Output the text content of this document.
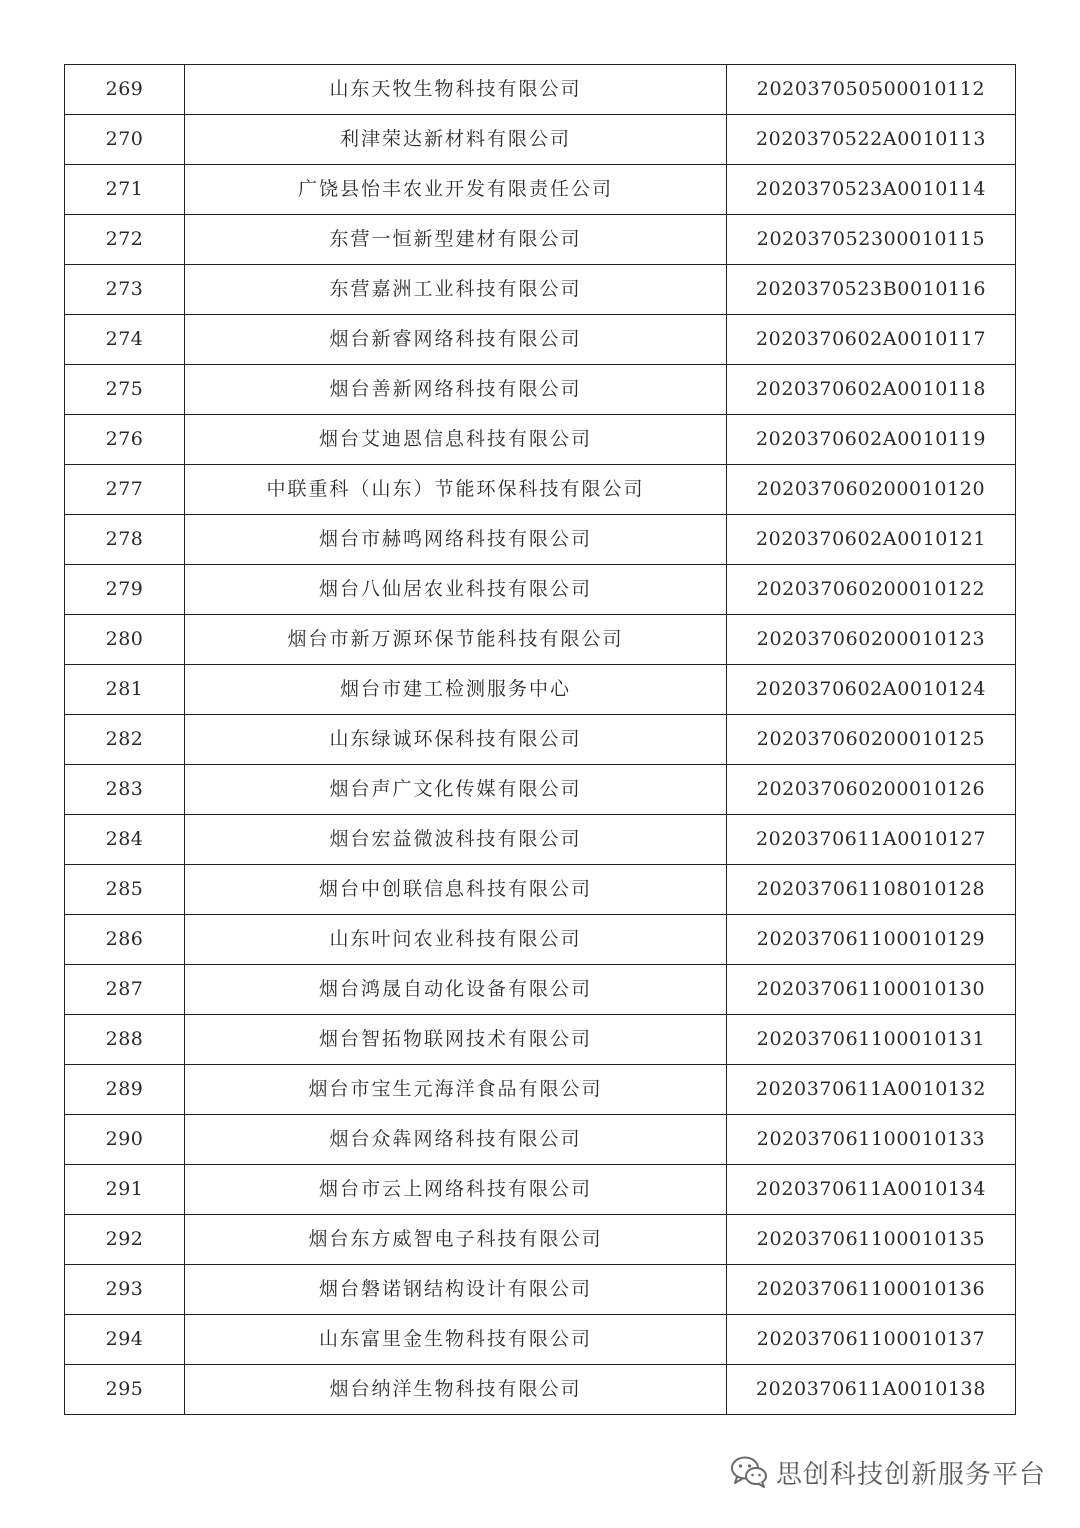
269	山东天牧生物科技有限公司	202037050500010112
270	利津荣达新材料有限公司	2020370522A0010113
271	广饶县怡丰农业开发有限责任公司	2020370523A0010114
272	东营一恒新型建材有限公司	202037052300010115
273	东营嘉洲工业科技有限公司	2020370523B0010116
274	烟台新睿网络科技有限公司	2020370602A0010117
275	烟台善新网络科技有限公司	2020370602A0010118
276	烟台艾迪恩信息科技有限公司	2020370602A0010119
277	中联重科（山东）节能环保科技有限公司	202037060200010120
278	烟台市赫鸣网络科技有限公司	2020370602A0010121
279	烟台八仙居农业科技有限公司	202037060200010122
280	烟台市新万源环保节能科技有限公司	202037060200010123
281	烟台市建工检测服务中心	2020370602A0010124
282	山东绿诚环保科技有限公司	202037060200010125
283	烟台声广文化传媒有限公司	202037060200010126
284	烟台宏益微波科技有限公司	2020370611A0010127
285	烟台中创联信息科技有限公司	202037061108010128
286	山东叶问农业科技有限公司	202037061100010129
287	烟台鸿晟自动化设备有限公司	202037061100010130
288	烟台智拓物联网技术有限公司	202037061100010131
289	烟台市宝生元海洋食品有限公司	2020370611A0010132
290	烟台众犇网络科技有限公司	202037061100010133
291	烟台市云上网络科技有限公司	2020370611A0010134
292	烟台东方威智电子科技有限公司	202037061100010135
293	烟台磐诺钢结构设计有限公司	202037061100010136
294	山东富里金生物科技有限公司	202037061100010137
295	烟台纳洋生物科技有限公司	2020370611A0010138
思创科技创新服务平台
